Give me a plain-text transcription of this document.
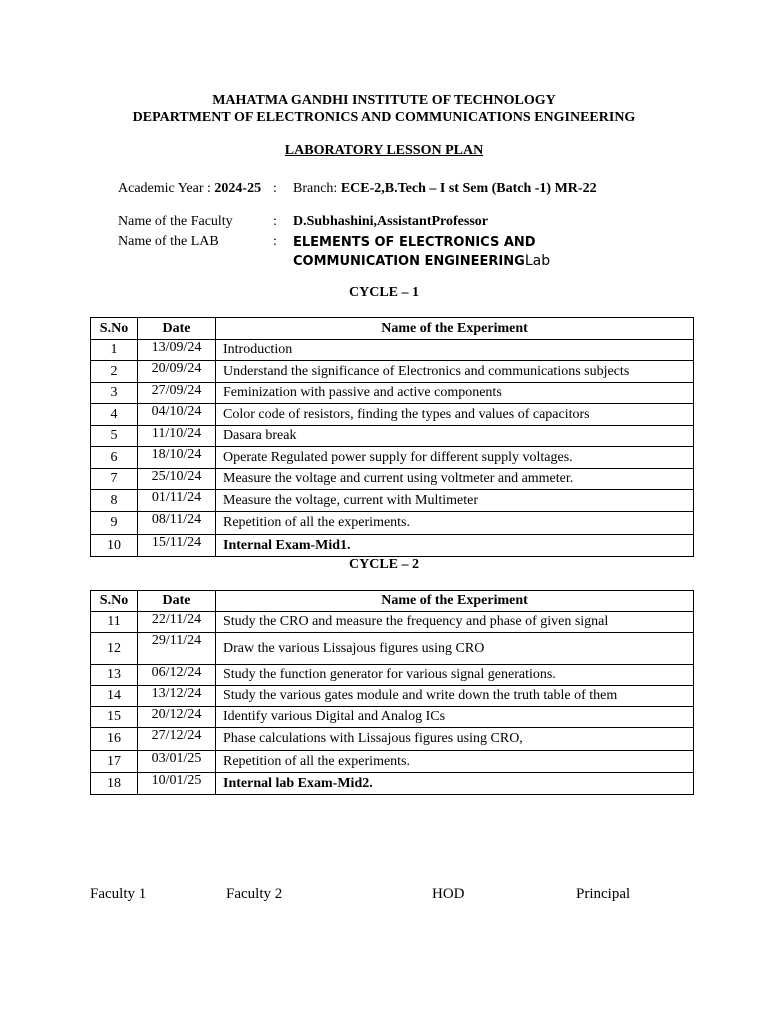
MAHATMA GANDHI INSTITUTE OF TECHNOLOGY
DEPARTMENT OF ELECTRONICS AND COMMUNICATIONS ENGINEERING
LABORATORY LESSON PLAN
Academic Year : 2024-25 : Branch: ECE-2,B.Tech – I st Sem (Batch -1) MR-22
Name of the Faculty	: D.Subhashini,AssistantProfessor
Name of the LAB	: ELEMENTS OF ELECTRONICS AND COMMUNICATION ENGINEERINGLab
CYCLE – 1
S.No	Date	Name of the Experiment
1	13/09/24	Introduction
2	20/09/24	Understand the significance of Electronics and communications subjects
3	27/09/24	Feminization with passive and active components
4	04/10/24	Color code of resistors, finding the types and values of capacitors
5	11/10/24	Dasara break
6	18/10/24	Operate Regulated power supply for different supply voltages.
7	25/10/24	Measure the voltage and current using voltmeter and ammeter.
8	01/11/24	Measure the voltage, current with Multimeter
9	08/11/24	Repetition of all the experiments.
10	15/11/24	Internal Exam-Mid1.
CYCLE – 2
S.No	Date	Name of the Experiment
11	22/11/24	Study the CRO and measure the frequency and phase of given signal
12	29/11/24	Draw the various Lissajous figures using CRO
13	06/12/24	Study the function generator for various signal generations.
14	13/12/24	Study the various gates module and write down the truth table of them
15	20/12/24	Identify various Digital and Analog ICs
16	27/12/24	Phase calculations with Lissajous figures using CRO,
17	03/01/25	Repetition of all the experiments.
18	10/01/25	Internal lab Exam-Mid2.
Faculty 1	Faculty 2	HOD	Principal
